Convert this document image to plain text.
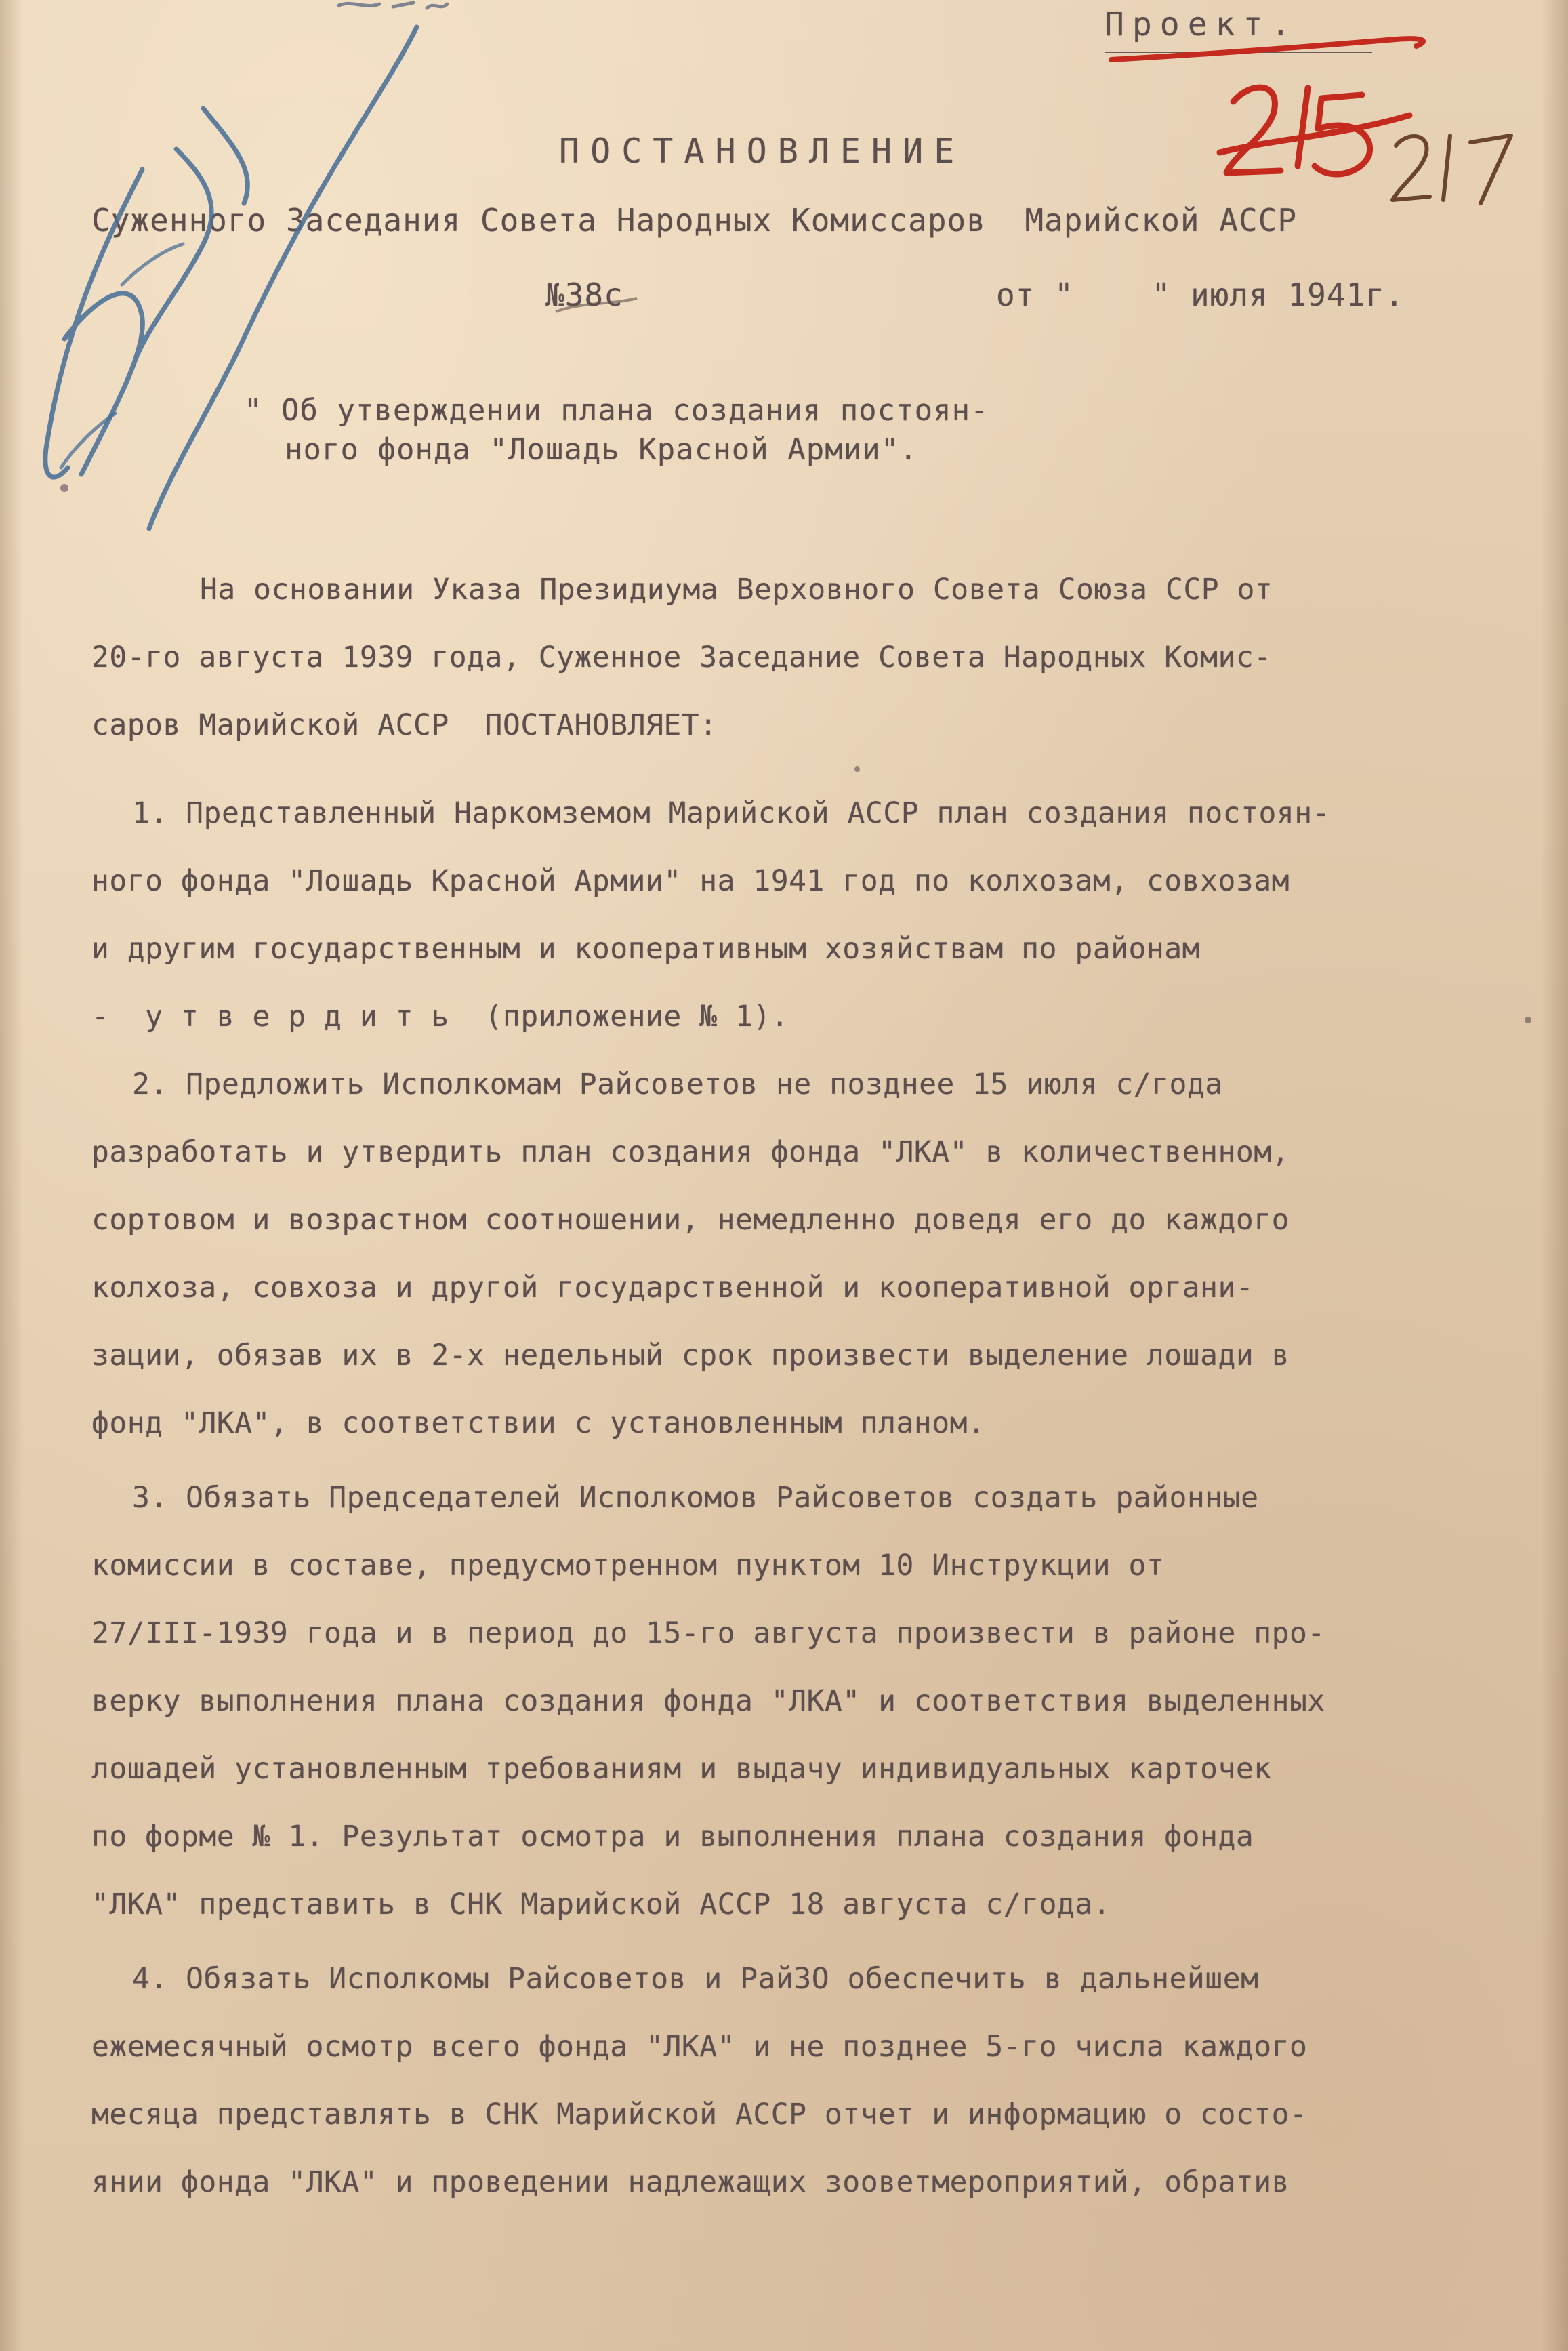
Проект.
ПОСТАНОВЛЕНИЕ
Суженного Заседания Совета Народных Комиссаров  Марийской АССР
№38с	от "    " июля 1941г.
" Об утверждении плана создания постоян-
ного фонда "Лошадь Красной Армии".
На основании Указа Президиума Верховного Совета Союза ССР от
20-го августа 1939 года, Суженное Заседание Совета Народных Комис-
саров Марийской АССР  ПОСТАНОВЛЯЕТ:
1. Представленный Наркомземом Марийской АССР план создания постоян-
ного фонда "Лошадь Красной Армии" на 1941 год по колхозам, совхозам
и другим государственным и кооперативным хозяйствам по районам
-  у т в е р д и т ь  (приложение № 1).
2. Предложить Исполкомам Райсоветов не позднее 15 июля с/года
разработать и утвердить план создания фонда "ЛКА" в количественном,
сортовом и возрастном соотношении, немедленно доведя его до каждого
колхоза, совхоза и другой государственной и кооперативной органи-
зации, обязав их в 2-х недельный срок произвести выделение лошади в
фонд "ЛКА", в соответствии с установленным планом.
3. Обязать Председателей Исполкомов Райсоветов создать районные
комиссии в составе, предусмотренном пунктом 10 Инструкции от
27/III-1939 года и в период до 15-го августа произвести в районе про-
верку выполнения плана создания фонда "ЛКА" и соответствия выделенных
лошадей установленным требованиям и выдачу индивидуальных карточек
по форме № 1. Результат осмотра и выполнения плана создания фонда
"ЛКА" представить в СНК Марийской АССР 18 августа с/года.
4. Обязать Исполкомы Райсоветов и РайЗО обеспечить в дальнейшем
ежемесячный осмотр всего фонда "ЛКА" и не позднее 5-го числа каждого
месяца представлять в СНК Марийской АССР отчет и информацию о состо-
янии фонда "ЛКА" и проведении надлежащих зооветмероприятий, обратив
